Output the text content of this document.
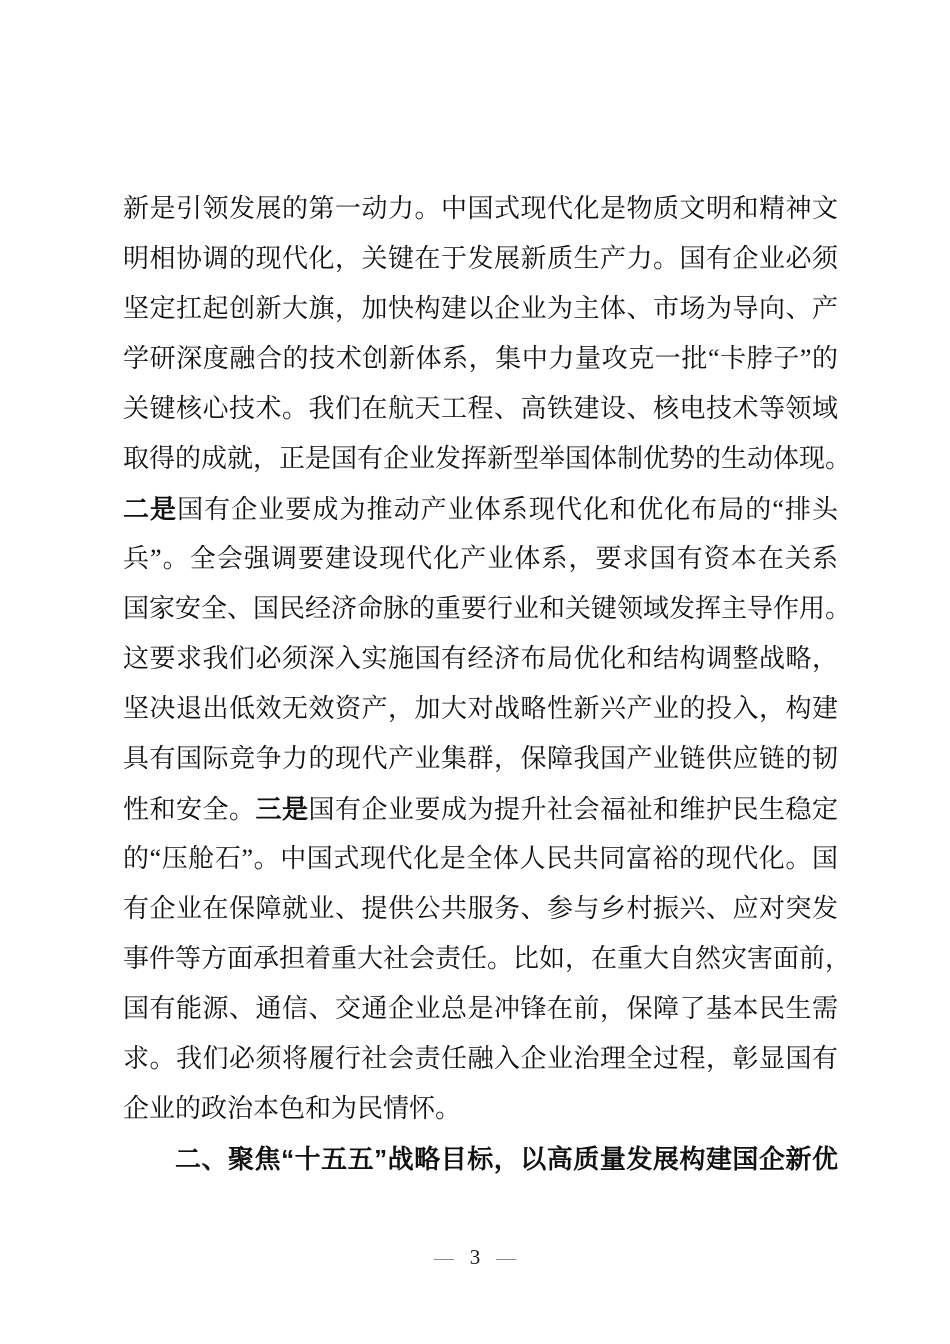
新是引领发展的第一动力。中国式现代化是物质文明和精神文
明相协调的现代化，关键在于发展新质生产力。国有企业必须
坚定扛起创新大旗，加快构建以企业为主体、市场为导向、产
学研深度融合的技术创新体系，集中力量攻克一批“卡脖子”的
关键核心技术。我们在航天工程、高铁建设、核电技术等领域
取得的成就，正是国有企业发挥新型举国体制优势的生动体现。
二是国有企业要成为推动产业体系现代化和优化布局的“排头
兵”。全会强调要建设现代化产业体系，要求国有资本在关系
国家安全、国民经济命脉的重要行业和关键领域发挥主导作用。
这要求我们必须深入实施国有经济布局优化和结构调整战略，
坚决退出低效无效资产，加大对战略性新兴产业的投入，构建
具有国际竞争力的现代产业集群，保障我国产业链供应链的韧
性和安全。三是国有企业要成为提升社会福祉和维护民生稳定
的“压舱石”。中国式现代化是全体人民共同富裕的现代化。国
有企业在保障就业、提供公共服务、参与乡村振兴、应对突发
事件等方面承担着重大社会责任。比如，在重大自然灾害面前，
国有能源、通信、交通企业总是冲锋在前，保障了基本民生需
求。我们必须将履行社会责任融入企业治理全过程，彰显国有
企业的政治本色和为民情怀。
二、聚焦“十五五”战略目标，以高质量发展构建国企新优
— 3 —
